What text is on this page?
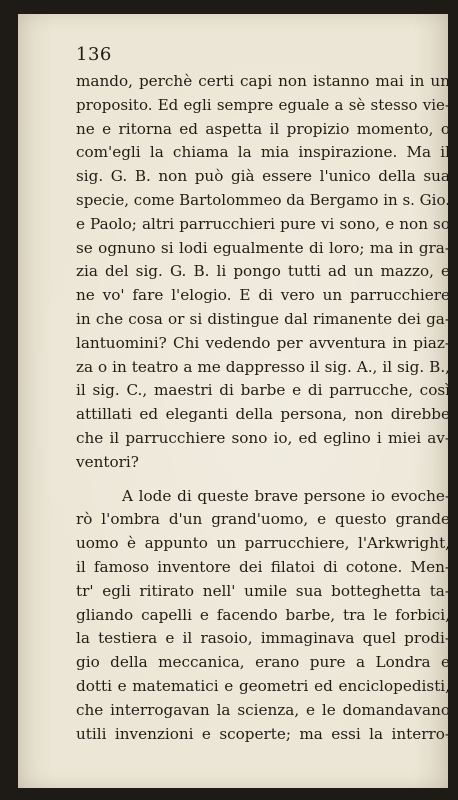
136
mando, perchè certi capi non istanno mai in un
proposito. Ed egli sempre eguale a sè stesso vie-
ne e ritorna ed aspetta il propizio momento, o
com'egli la chiama la mia inspirazione. Ma il
sig. G. B. non può già essere l'unico della sua
specie, come Bartolommeo da Bergamo in s. Gio.
e Paolo; altri parrucchieri pure vi sono, e non so
se ognuno si lodi egualmente di loro; ma in gra-
zia del sig. G. B. li pongo tutti ad un mazzo, e
ne vo' fare l'elogio. E di vero un parrucchiere
in che cosa or si distingue dal rimanente dei ga-
lantuomini? Chi vedendo per avventura in piaz-
za o in teatro a me dappresso il sig. A., il sig. B.,
il sig. C., maestri di barbe e di parrucche, così
attillati ed eleganti della persona, non direbbe
che il parrucchiere sono io, ed eglino i miei av-
ventori?
A lode di queste brave persone io evoche-
rò l'ombra d'un grand'uomo, e questo grande
uomo è appunto un parrucchiere, l'Arkwright,
il famoso inventore dei filatoi di cotone. Men-
tr' egli ritirato nell' umile sua botteghetta ta-
gliando capelli e facendo barbe, tra le forbici,
la testiera e il rasoio, immaginava quel prodi-
gio della meccanica, erano pure a Londra e
dotti e matematici e geometri ed enciclopedisti,
che interrogavan la scienza, e le domandavano
utili invenzioni e scoperte; ma essi la interro-
